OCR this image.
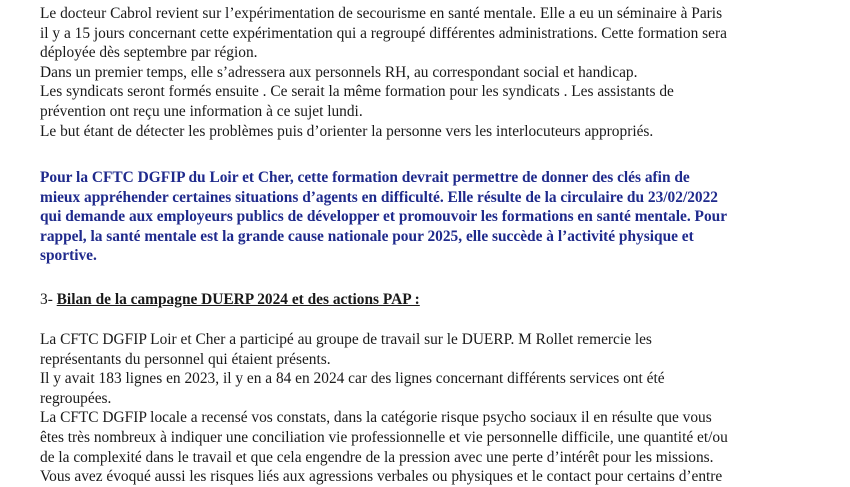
Le docteur Cabrol revient sur l’expérimentation de secourisme en santé mentale. Elle a eu un séminaire à Paris
il y a 15 jours concernant cette expérimentation qui a regroupé différentes administrations. Cette formation sera
déployée dès septembre par région.
Dans un premier temps, elle s’adressera aux personnels RH, au correspondant social et handicap.
Les syndicats seront formés ensuite . Ce serait la même formation pour les syndicats . Les assistants de
prévention ont reçu une information à ce sujet lundi.
Le but étant de détecter les problèmes puis d’orienter la personne vers les interlocuteurs appropriés.

Pour la CFTC DGFIP du Loir et Cher, cette formation devrait permettre de donner des clés afin de
mieux appréhender certaines situations d’agents en difficulté. Elle résulte de la circulaire du 23/02/2022
qui demande aux employeurs publics de développer et promouvoir les formations en santé mentale. Pour
rappel, la santé mentale est la grande cause nationale pour 2025, elle succède à l’activité physique et
sportive.

3- Bilan de la campagne DUERP 2024 et des actions PAP :

La CFTC DGFIP Loir et Cher a participé au groupe de travail sur le DUERP. M Rollet remercie les
représentants du personnel qui étaient présents.
Il y avait 183 lignes en 2023, il y en a 84 en 2024 car des lignes concernant différents services ont été
regroupées.
La CFTC DGFIP locale a recensé vos constats, dans la catégorie risque psycho sociaux il en résulte que vous
êtes très nombreux à indiquer une conciliation vie professionnelle et vie personnelle difficile, une quantité et/ou
de la complexité dans le travail et que cela engendre de la pression avec une perte d’intérêt pour les missions.
Vous avez évoqué aussi les risques liés aux agressions verbales ou physiques et le contact pour certains d’entre
